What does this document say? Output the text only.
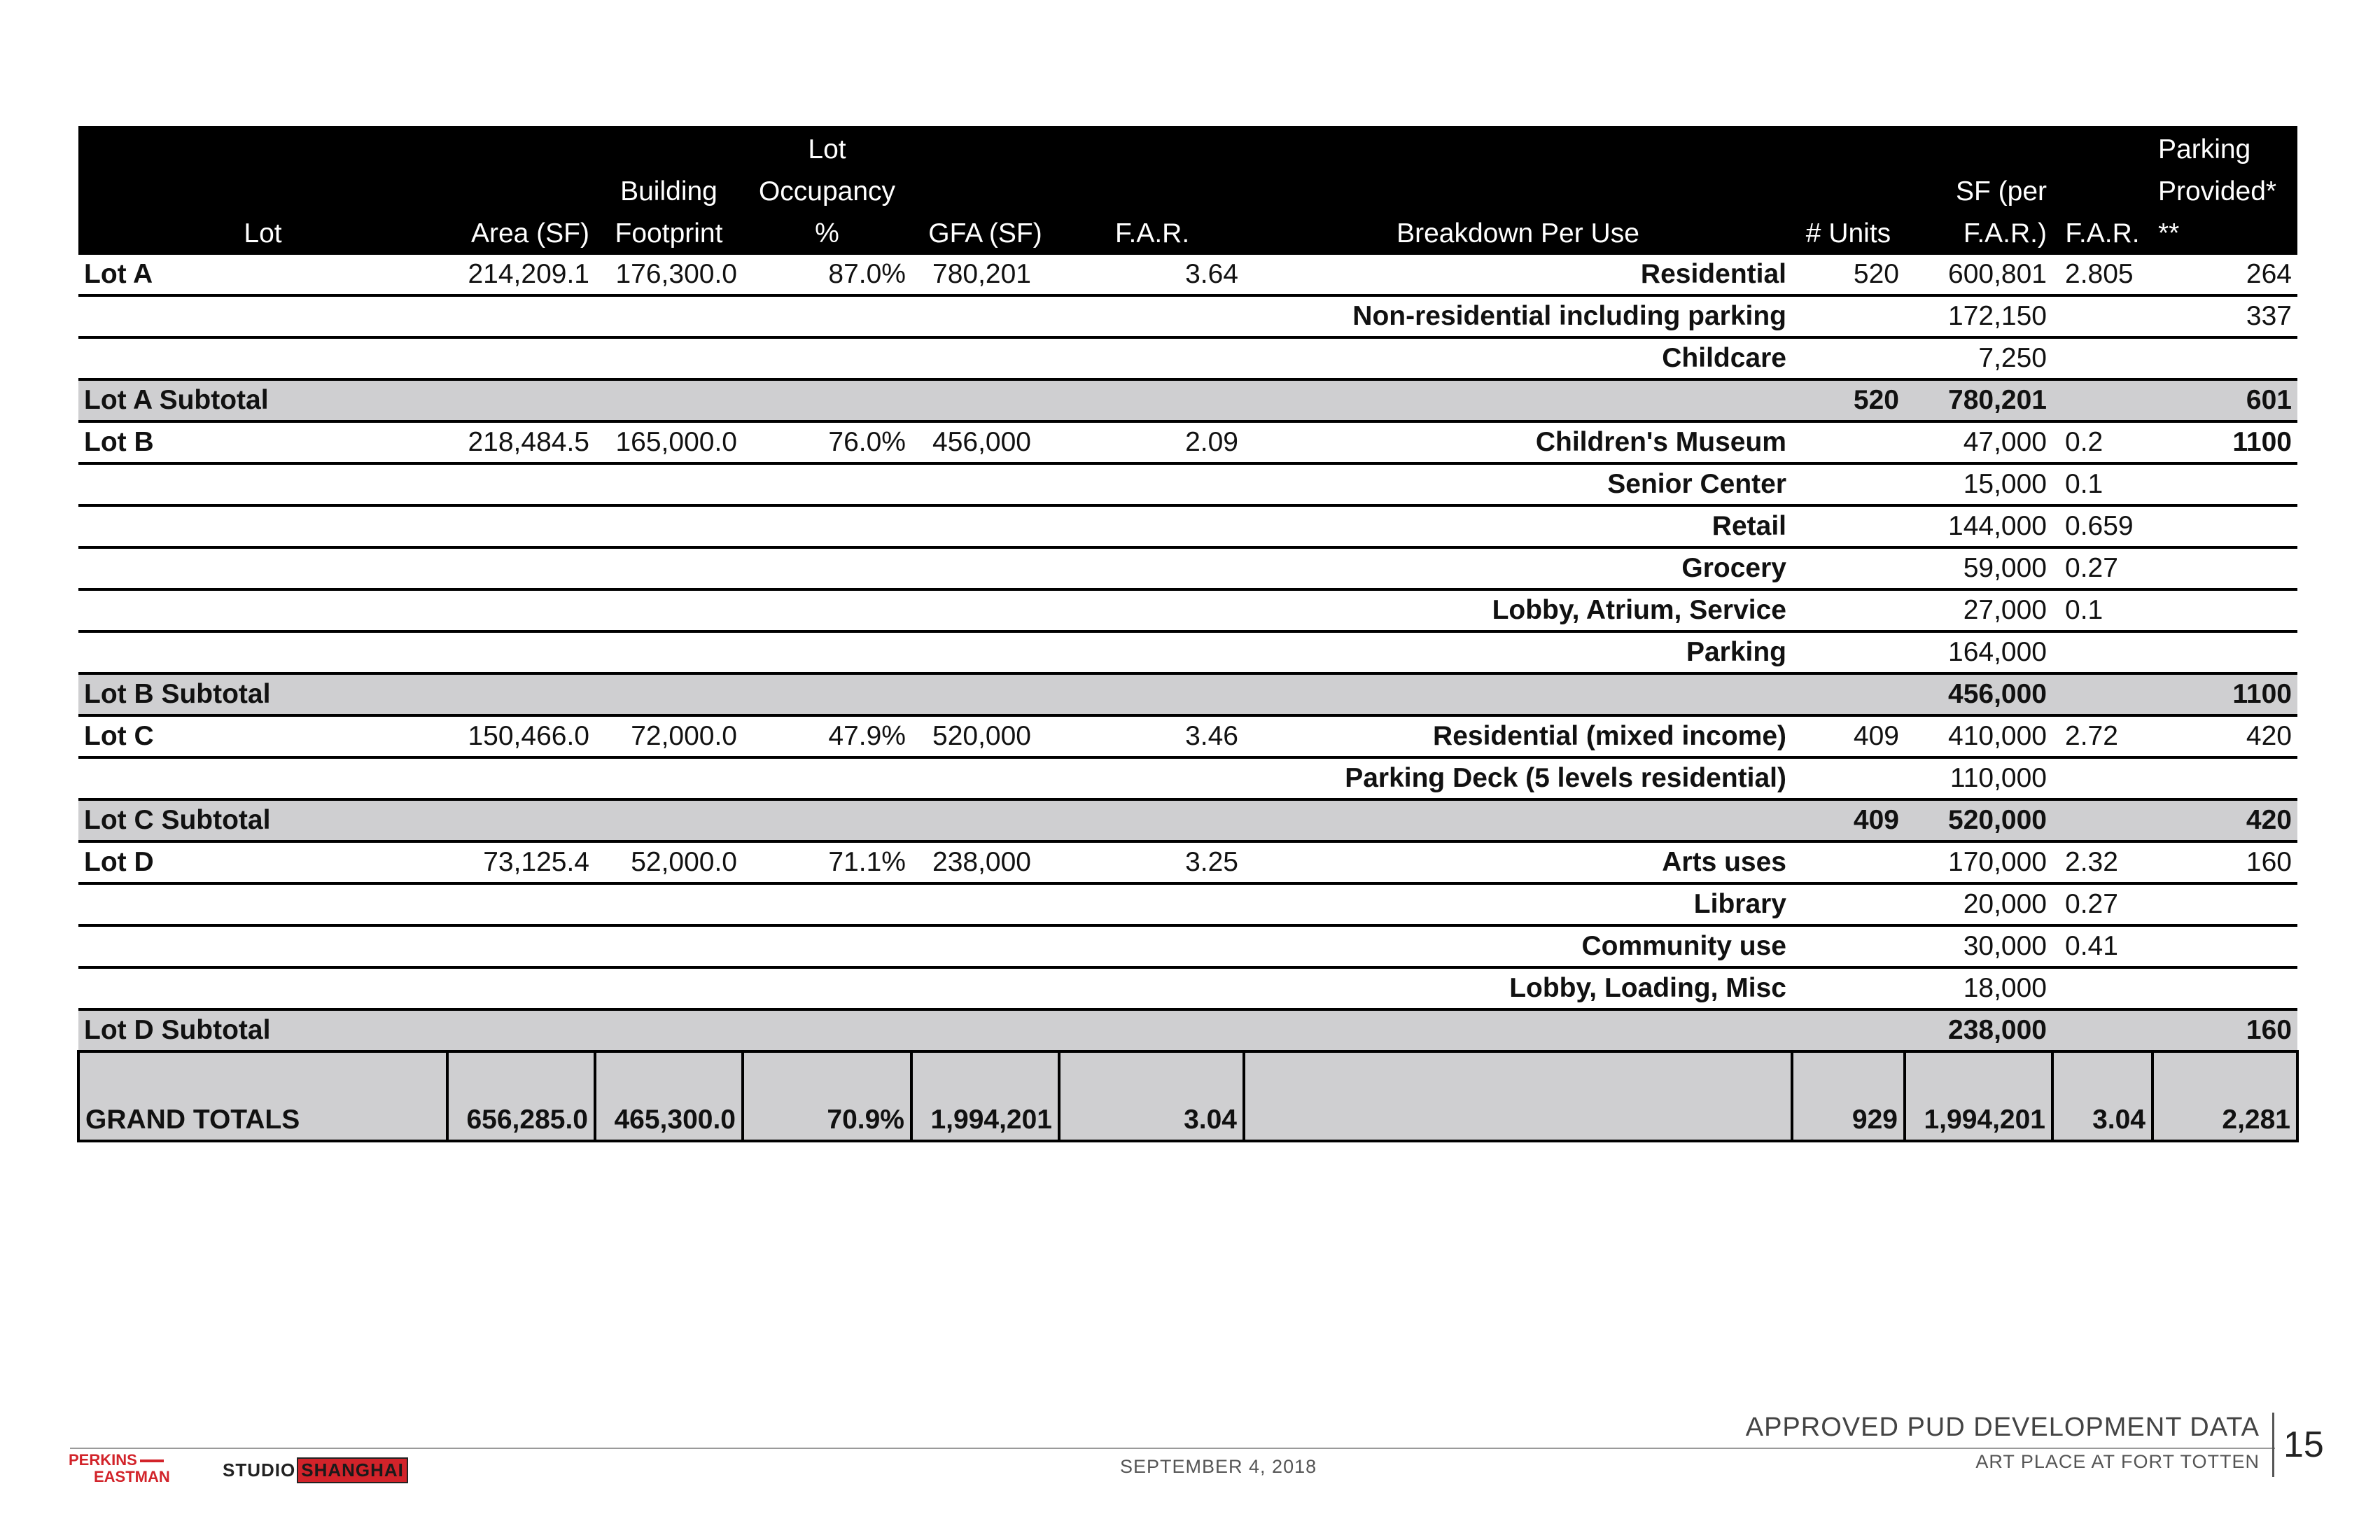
Lot	Area (SF)	Building Footprint	Lot Occupancy %	GFA (SF)	F.A.R.	Breakdown Per Use	# Units	SF (per F.A.R.)	F.A.R.	Parking Provided* **
Lot A	214,209.1	176,300.0	87.0%	780,201	3.64	Residential	520	600,801	2.805	264
						Non-residential including parking		172,150		337
						Childcare		7,250		
Lot A Subtotal							520	780,201		601
Lot B	218,484.5	165,000.0	76.0%	456,000	2.09	Children's Museum		47,000	0.2	1100
						Senior Center		15,000	0.1	
						Retail		144,000	0.659	
						Grocery		59,000	0.27	
						Lobby, Atrium, Service		27,000	0.1	
						Parking		164,000		
Lot B Subtotal								456,000		1100
Lot C	150,466.0	72,000.0	47.9%	520,000	3.46	Residential (mixed income)	409	410,000	2.72	420
						Parking Deck (5 levels residential)		110,000		
Lot C Subtotal							409	520,000		420
Lot D	73,125.4	52,000.0	71.1%	238,000	3.25	Arts uses		170,000	2.32	160
						Library		20,000	0.27	
						Community use		30,000	0.41	
						Lobby, Loading, Misc		18,000		
Lot D Subtotal								238,000		160
GRAND TOTALS	656,285.0	465,300.0	70.9%	1,994,201	3.04		929	1,994,201	3.04	2,281
APPROVED PUD DEVELOPMENT DATA
ART PLACE AT FORT TOTTEN 15
SEPTEMBER 4, 2018
PERKINS
EASTMAN	STUDIO SHANGHAI
